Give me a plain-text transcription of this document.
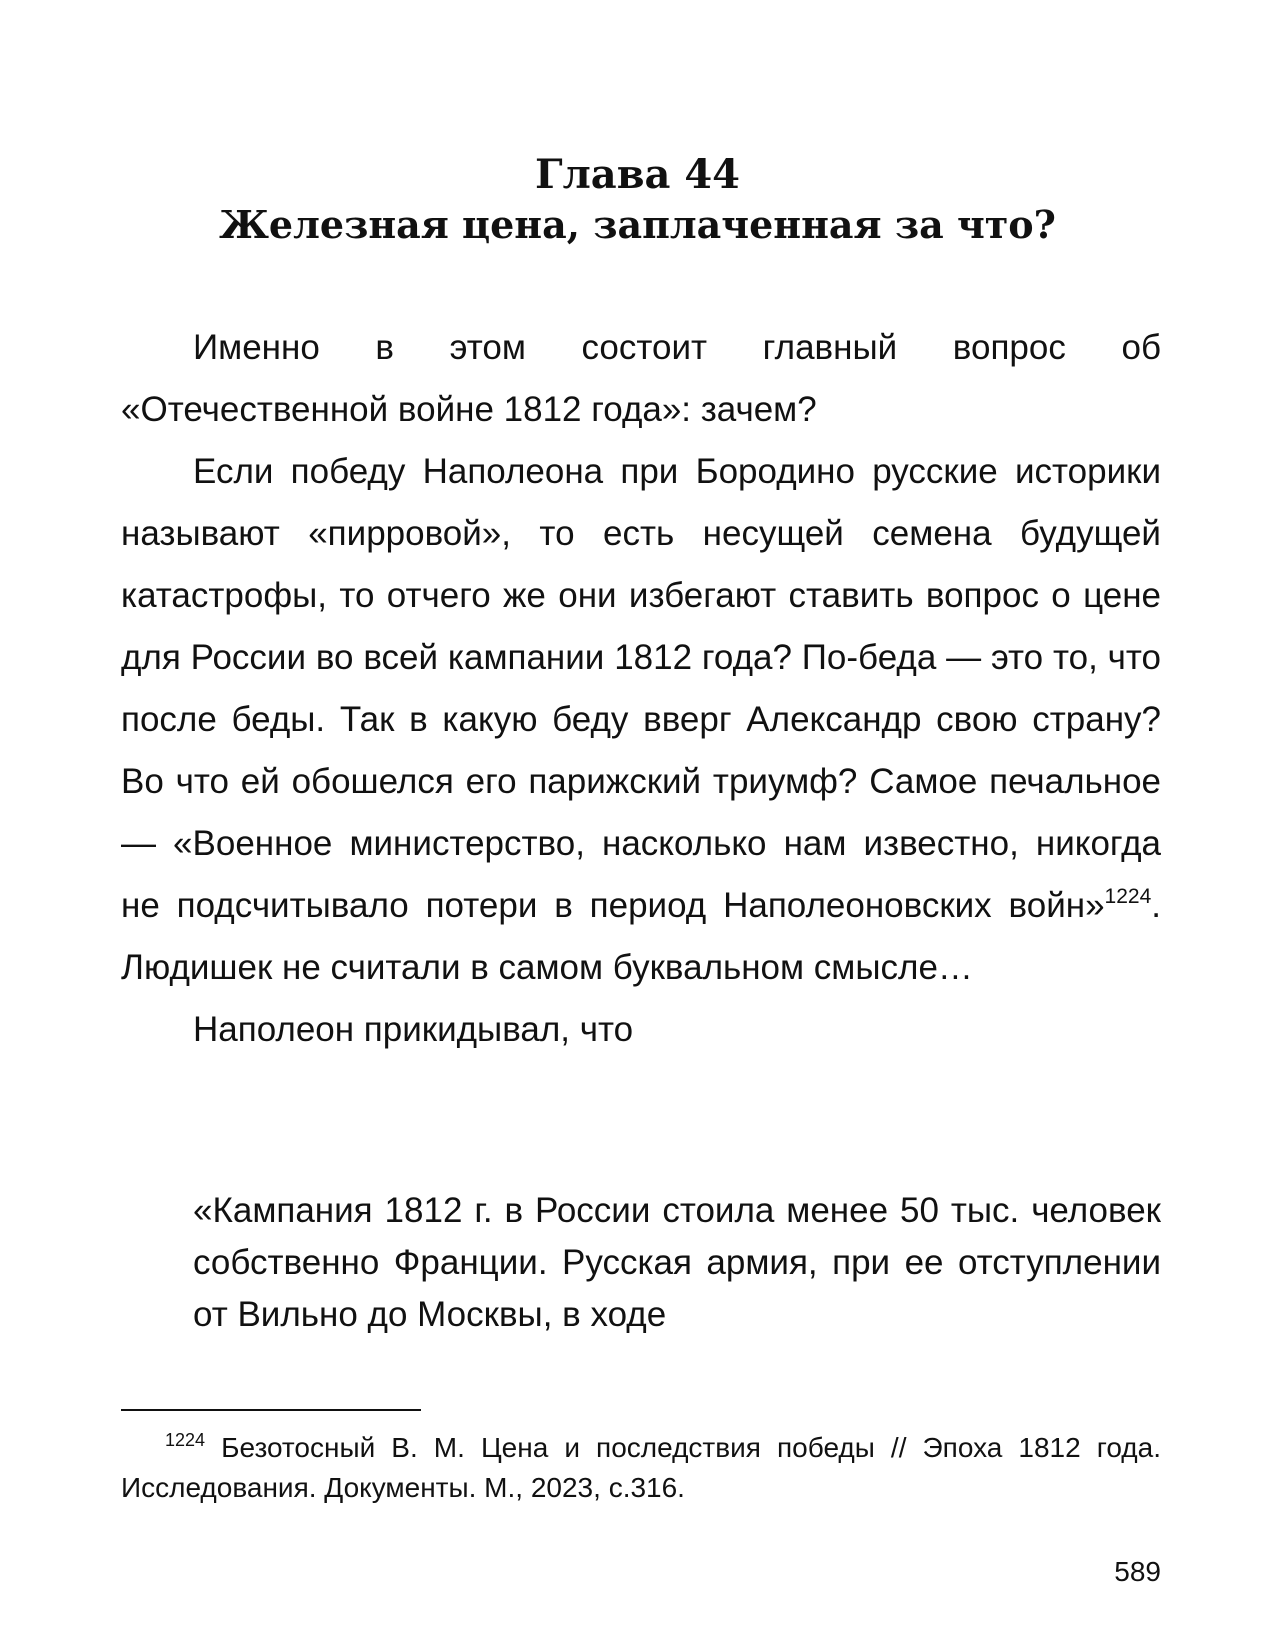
Глава 44
Железная цена, заплаченная за что?

Именно в этом состоит главный вопрос об «Отечественной войне 1812 года»: зачем?

Если победу Наполеона при Бородино русские историки называют «пирровой», то есть несущей семена будущей катастрофы, то отчего же они избегают ставить вопрос о цене для России во всей кампании 1812 года? По-беда — это то, что после беды. Так в какую беду вверг Александр свою страну? Во что ей обошелся его парижский триумф? Самое печальное — «Военное министерство, насколько нам известно, никогда не подсчитывало потери в период Наполеоновских войн»$^{1224}$. Людишек не считали в самом буквальном смысле…

Наполеон прикидывал, что

«Кампания 1812 г. в России стоила менее 50 тыс. человек собственно Франции. Русская армия, при ее отступлении от Вильно до Москвы, в ходе

$^{1224}$ Безотосный В. М. Цена и последствия победы // Эпоха 1812 года. Исследования. Документы. М., 2023, с.316.

589
